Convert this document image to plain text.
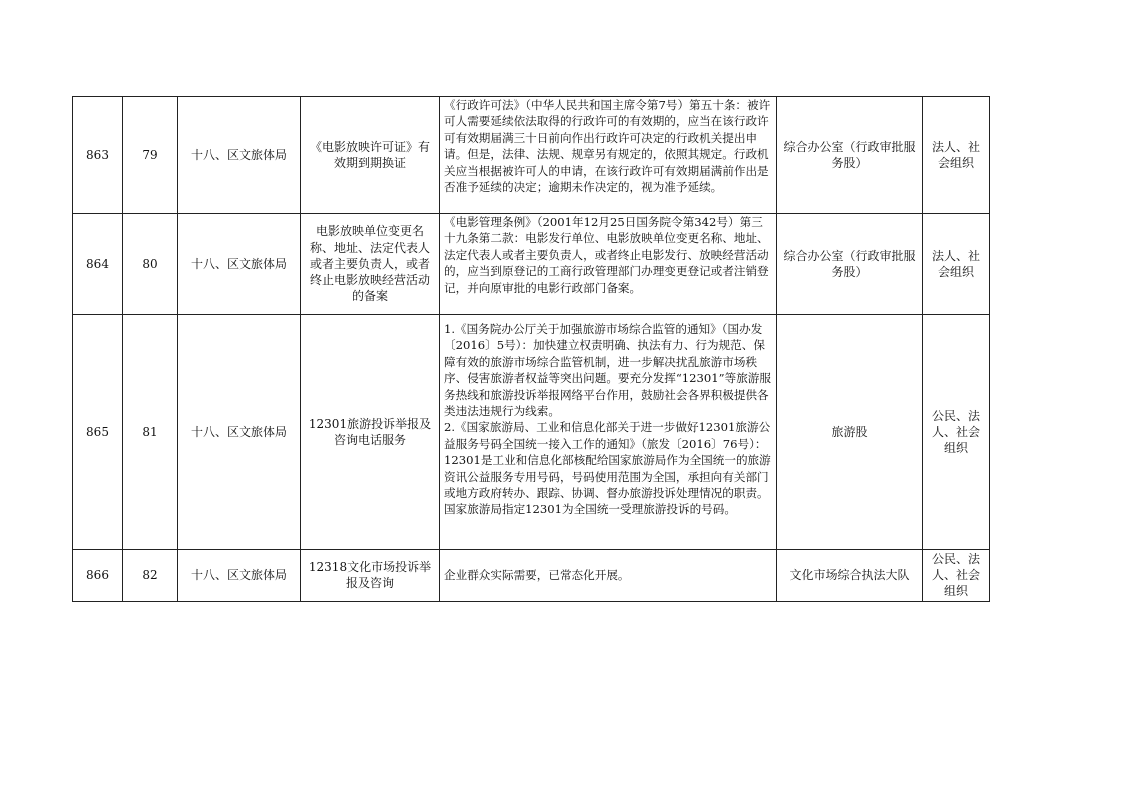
863	79	十八、区文旅体局	《电影放映许可证》有效期到期换证	《行政许可法》（中华人民共和国主席令第7号）第五十条：被许可人需要延续依法取得的行政许可的有效期的，应当在该行政许可有效期届满三十日前向作出行政许可决定的行政机关提出申请。但是，法律、法规、规章另有规定的，依照其规定。行政机关应当根据被许可人的申请，在该行政许可有效期届满前作出是否准予延续的决定；逾期未作决定的，视为准予延续。	综合办公室（行政审批服务股）	法人、社会组织
864	80	十八、区文旅体局	电影放映单位变更名称、地址、法定代表人或者主要负责人，或者终止电影放映经营活动的备案	《电影管理条例》（2001年12月25日国务院令第342号）第三十九条第二款：电影发行单位、电影放映单位变更名称、地址、法定代表人或者主要负责人，或者终止电影发行、放映经营活动的，应当到原登记的工商行政管理部门办理变更登记或者注销登记，并向原审批的电影行政部门备案。	综合办公室（行政审批服务股）	法人、社会组织
865	81	十八、区文旅体局	12301旅游投诉举报及咨询电话服务	1.《国务院办公厅关于加强旅游市场综合监管的通知》（国办发〔2016〕5号）：加快建立权责明确、执法有力、行为规范、保障有效的旅游市场综合监管机制，进一步解决扰乱旅游市场秩序、侵害旅游者权益等突出问题。要充分发挥“12301”等旅游服务热线和旅游投诉举报网络平台作用，鼓励社会各界积极提供各类违法违规行为线索。
2.《国家旅游局、工业和信息化部关于进一步做好12301旅游公益服务号码全国统一接入工作的通知》（旅发〔2016〕76号）：12301是工业和信息化部核配给国家旅游局作为全国统一的旅游资讯公益服务专用号码，号码使用范围为全国，承担向有关部门或地方政府转办、跟踪、协调、督办旅游投诉处理情况的职责。国家旅游局指定12301为全国统一受理旅游投诉的号码。	旅游股	公民、法人、社会组织
866	82	十八、区文旅体局	12318文化市场投诉举报及咨询	企业群众实际需要，已常态化开展。	文化市场综合执法大队	公民、法人、社会组织
